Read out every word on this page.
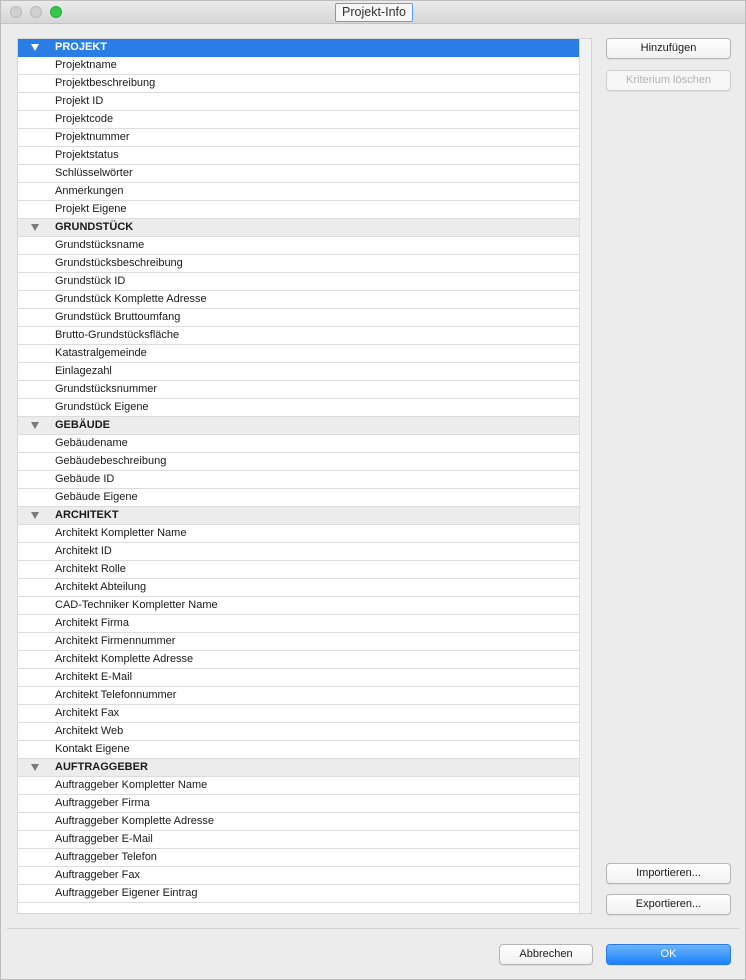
Projekt-Info
PROJEKT
Projektname
Projektbeschreibung
Projekt ID
Projektcode
Projektnummer
Projektstatus
Schlüsselwörter
Anmerkungen
Projekt Eigene
GRUNDSTÜCK
Grundstücksname
Grundstücksbeschreibung
Grundstück ID
Grundstück Komplette Adresse
Grundstück Bruttoumfang
Brutto-Grundstücksfläche
Katastralgemeinde
Einlagezahl
Grundstücksnummer
Grundstück Eigene
GEBÄUDE
Gebäudename
Gebäudebeschreibung
Gebäude ID
Gebäude Eigene
ARCHITEKT
Architekt Kompletter Name
Architekt ID
Architekt Rolle
Architekt Abteilung
CAD-Techniker Kompletter Name
Architekt Firma
Architekt Firmennummer
Architekt Komplette Adresse
Architekt E-Mail
Architekt Telefonnummer
Architekt Fax
Architekt Web
Kontakt Eigene
AUFTRAGGEBER
Auftraggeber Kompletter Name
Auftraggeber Firma
Auftraggeber Komplette Adresse
Auftraggeber E-Mail
Auftraggeber Telefon
Auftraggeber Fax
Auftraggeber Eigener Eintrag
Hinzufügen
Kriterium löschen
Importieren...
Exportieren...
Abbrechen	OK
